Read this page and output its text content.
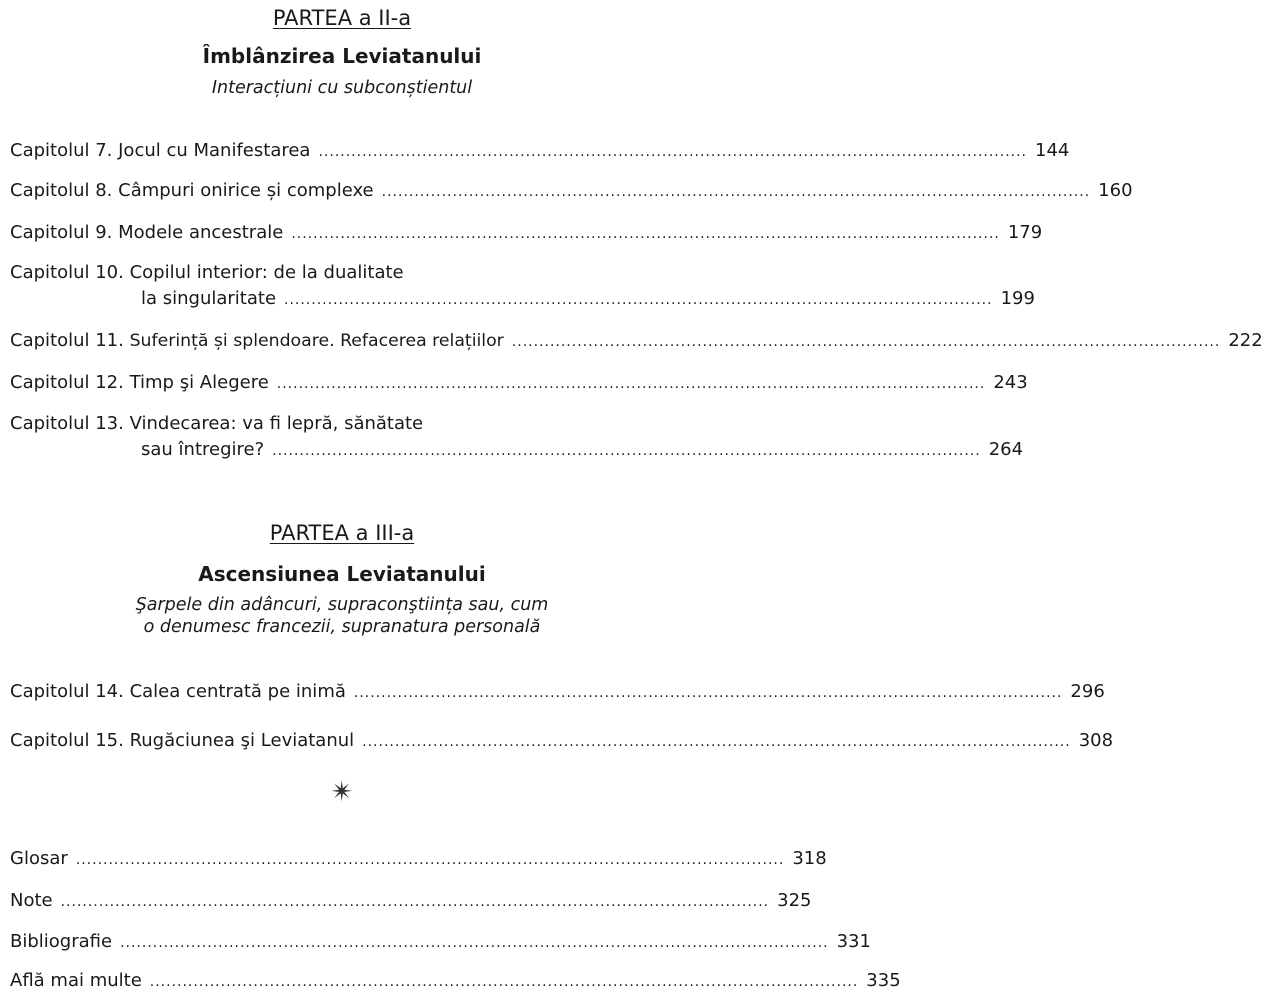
PARTEA a II-a
Îmblânzirea Leviatanului
Interacțiuni cu subconștientul
Capitolul 7. Jocul cu Manifestarea .................................................................................................................................. 144
Capitolul 8. Câmpuri onirice și complexe .................................................................................................................................. 160
Capitolul 9. Modele ancestrale .................................................................................................................................. 179
Capitolul 10. Copilul interior: de la dualitate
la singularitate .................................................................................................................................. 199
Capitolul 11. Suferință și splendoare. Refacerea relațiilor .................................................................................................................................. 222
Capitolul 12. Timp şi Alegere .................................................................................................................................. 243
Capitolul 13. Vindecarea: va fi lepră, sănătate
sau întregire? .................................................................................................................................. 264
PARTEA a III-a
Ascensiunea Leviatanului
Şarpele din adâncuri, supraconştiința sau, cum
o denumesc francezii, supranatura personală
Capitolul 14. Calea centrată pe inimă .................................................................................................................................. 296
Capitolul 15. Rugăciunea şi Leviatanul .................................................................................................................................. 308
✴
Glosar .................................................................................................................................. 318
Note .................................................................................................................................. 325
Bibliografie .................................................................................................................................. 331
Află mai multe .................................................................................................................................. 335
